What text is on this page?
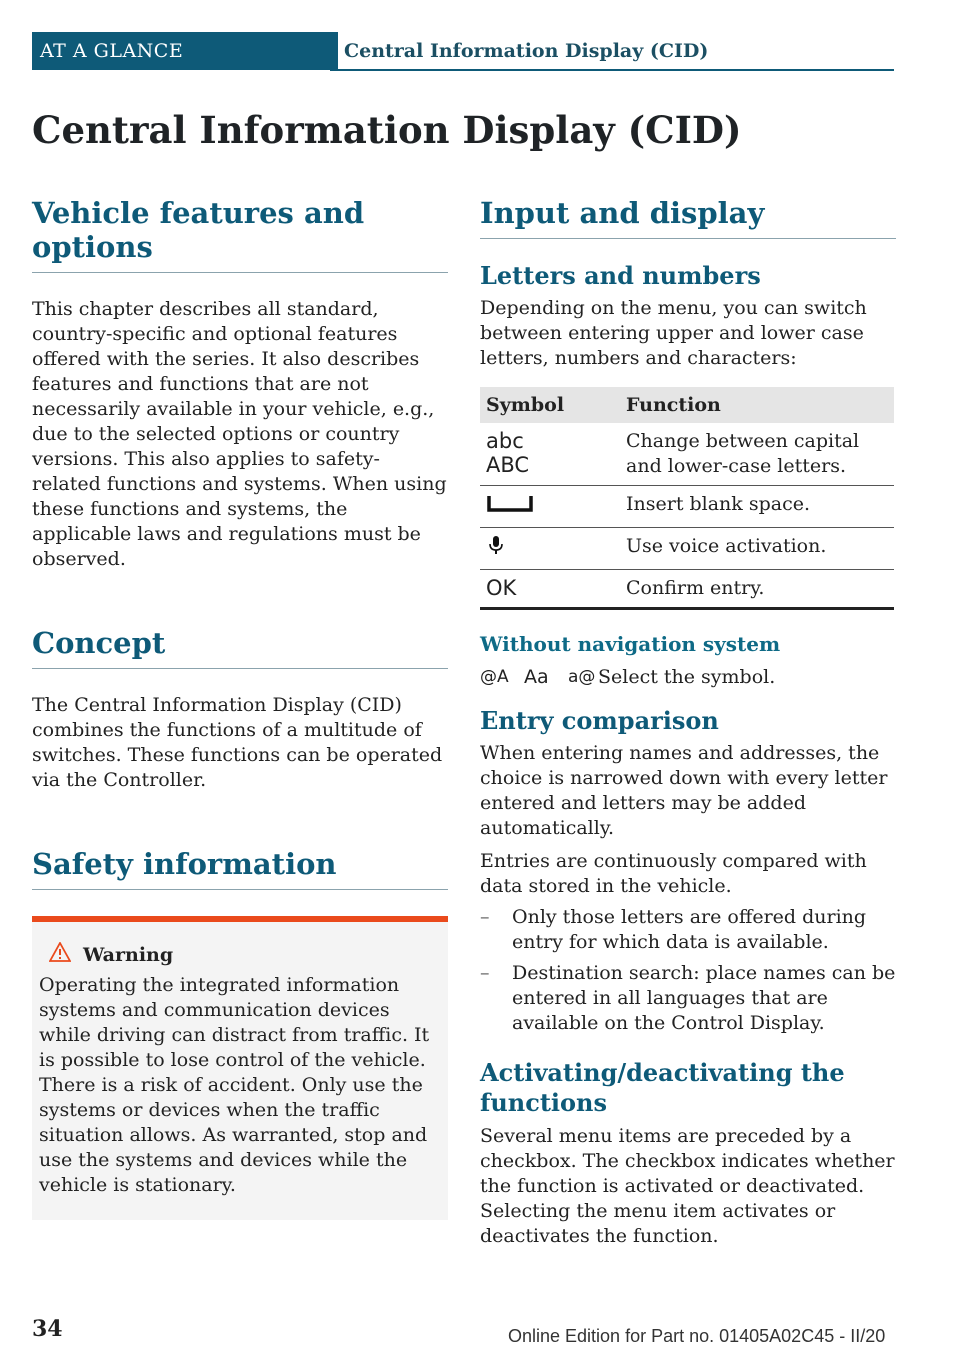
AT A GLANCE	Central Information Display (CID)
Central Information Display (CID)
Vehicle features and options

This chapter describes all standard, country-specific and optional features offered with the series. It also describes features and functions that are not necessarily available in your vehicle, e.g., due to the selected options or country versions. This also applies to safety-related functions and systems. When using these functions and systems, the applicable laws and regulations must be observed.

Concept

The Central Information Display (CID) combines the functions of a multitude of switches. These functions can be operated via the Controller.

Safety information
Warning

Operating the integrated information systems and communication devices while driving can distract from traffic. It is possible to lose control of the vehicle. There is a risk of accident. Only use the systems or devices when the traffic situation allows. As warranted, stop and use the systems and devices while the vehicle is stationary.

Input and display
Letters and numbers

Depending on the menu, you can switch between entering upper and lower case letters, numbers and characters:

Symbol	Function

abc
ABC	Change between capital and lower-case letters.
	Insert blank space.
	Use voice activation.
OK	Confirm entry.
Without navigation system
@A Aa	a@ Select the symbol.
Entry comparison

When entering names and addresses, the choice is narrowed down with every letter entered and letters may be added automatically.

Entries are continuously compared with data stored in the vehicle.

– Only those letters are offered during entry for which data is available.
– Destination search: place names can be entered in all languages that are available on the Control Display.
Activating/deactivating the functions

Several menu items are preceded by a checkbox. The checkbox indicates whether the function is activated or deactivated. Selecting the menu item activates or deactivates the function.

34	Online Edition for Part no. 01405A02C45 - II/20
